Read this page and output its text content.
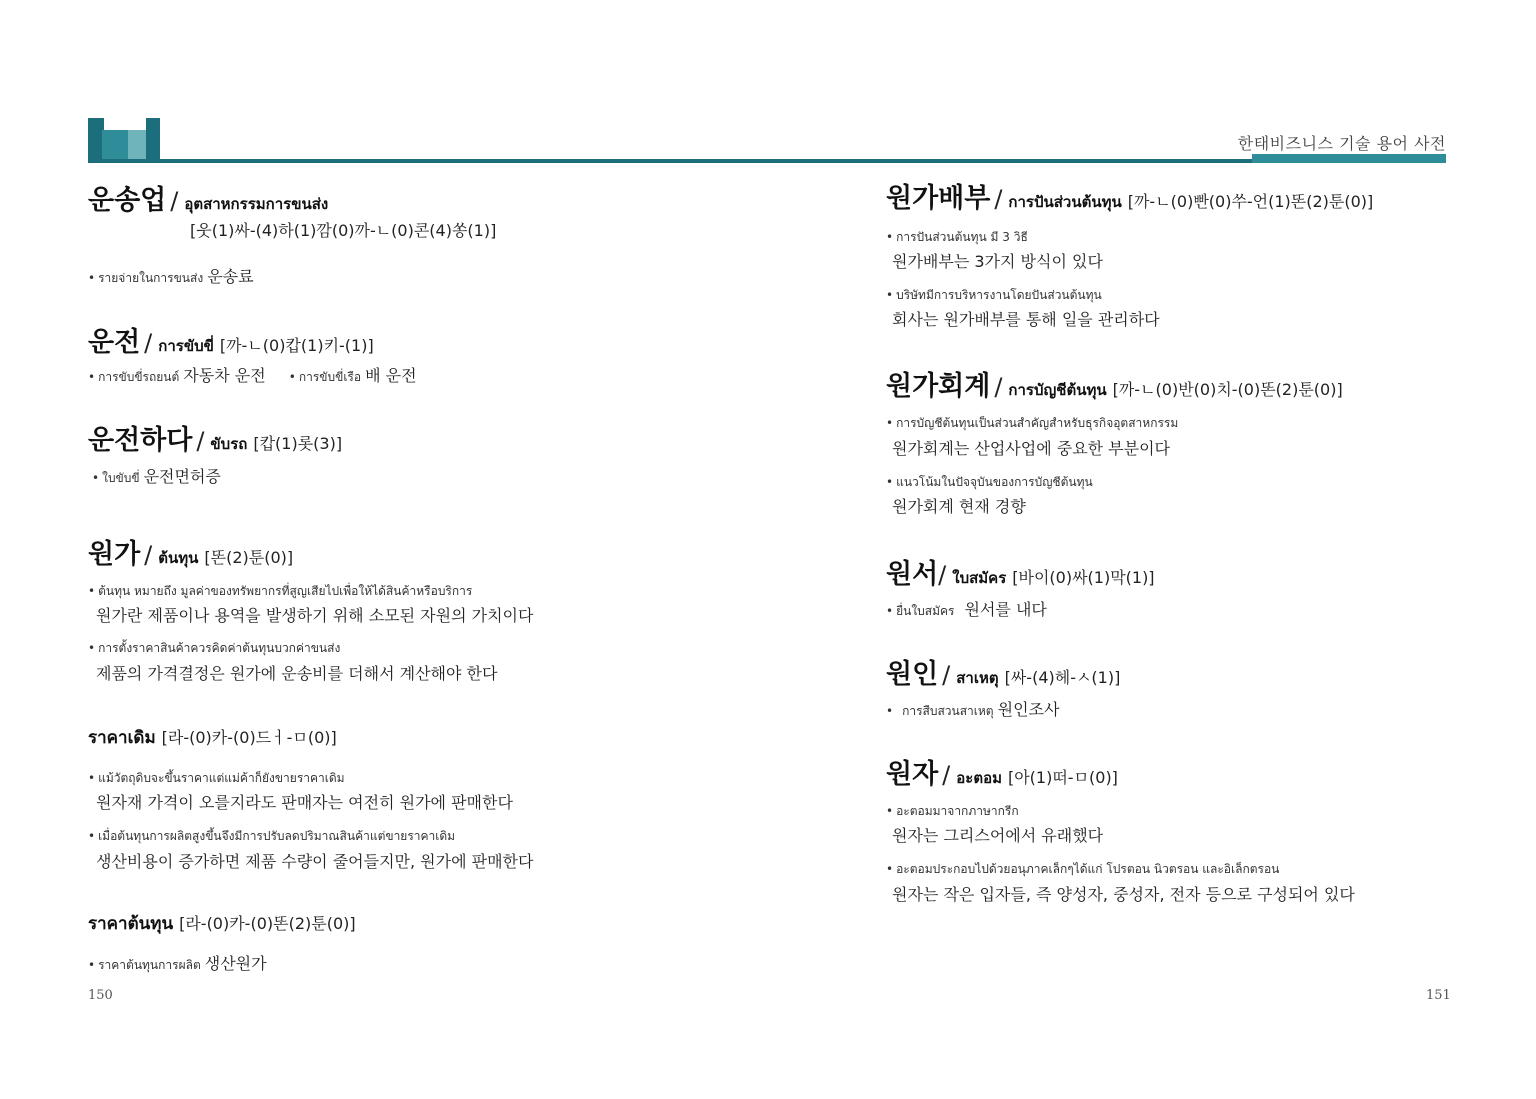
한태비즈니스 기술 용어 사전
운송업 / อุตสาหกรรมการขนส่ง
[웃(1)싸-(4)하(1)깜(0)까-ㄴ(0)콘(4)쏭(1)]
• รายจ่ายในการขนส่ง 운송료
운전 / การขับขี่ [까-ㄴ(0)캅(1)키-(1)]
• การขับขี่รถยนต์ 자동차 운전 • การขับขี่เรือ 배 운전
운전하다 / ขับรถ [캅(1)롯(3)]
• ใบขับขี่ 운전면허증
원가 / ต้นทุน [똔(2)툰(0)]
• ต้นทุน หมายถึง มูลค่าของทรัพยากรที่สูญเสียไปเพื่อให้ได้สินค้าหรือบริการ
원가란 제품이나 용역을 발생하기 위해 소모된 자원의 가치이다
• การตั้งราคาสินค้าควรคิดค่าต้นทุนบวกค่าขนส่ง
제품의 가격결정은 원가에 운송비를 더해서 계산해야 한다
ราคาเดิม [라-(0)카-(0)드ㅓ-ㅁ(0)]
• แม้วัตถุดิบจะขึ้นราคาแต่แม่ค้าก็ยังขายราคาเดิม
원자재 가격이 오를지라도 판매자는 여전히 원가에 판매한다
• เมื่อต้นทุนการผลิตสูงขึ้นจึงมีการปรับลดปริมาณสินค้าแต่ขายราคาเดิม
생산비용이 증가하면 제품 수량이 줄어들지만, 원가에 판매한다
ราคาต้นทุน [라-(0)카-(0)똔(2)툰(0)]
• ราคาต้นทุนการผลิต 생산원가
150
원가배부 / การปันส่วนต้นทุน [까-ㄴ(0)빤(0)쑤-언(1)똔(2)툰(0)]
• การปันส่วนต้นทุน มี 3 วิธี
원가배부는 3가지 방식이 있다
• บริษัทมีการบริหารงานโดยปันส่วนต้นทุน
회사는 원가배부를 통해 일을 관리하다
원가회계 / การบัญชีต้นทุน [까-ㄴ(0)반(0)치-(0)똔(2)툰(0)]
• การบัญชีต้นทุนเป็นส่วนสำคัญสำหรับธุรกิจอุตสาหกรรม
원가회계는 산업사업에 중요한 부분이다
• แนวโน้มในปัจจุบันของการบัญชีต้นทุน
원가회계 현재 경향
원서/ ใบสมัคร [바이(0)싸(1)막(1)]
• ยื่นใบสมัคร 원서를 내다
원인 / สาเหตุ [싸-(4)헤-ㅅ(1)]
• การสืบสวนสาเหตุ 원인조사
원자 / อะตอม [아(1)떠-ㅁ(0)]
• อะตอมมาจากภาษากรีก
원자는 그리스어에서 유래했다
• อะตอมประกอบไปด้วยอนุภาคเล็กๆได้แก่ โปรตอน นิวตรอน และอิเล็กตรอน
원자는 작은 입자들, 즉 양성자, 중성자, 전자 등으로 구성되어 있다
151
